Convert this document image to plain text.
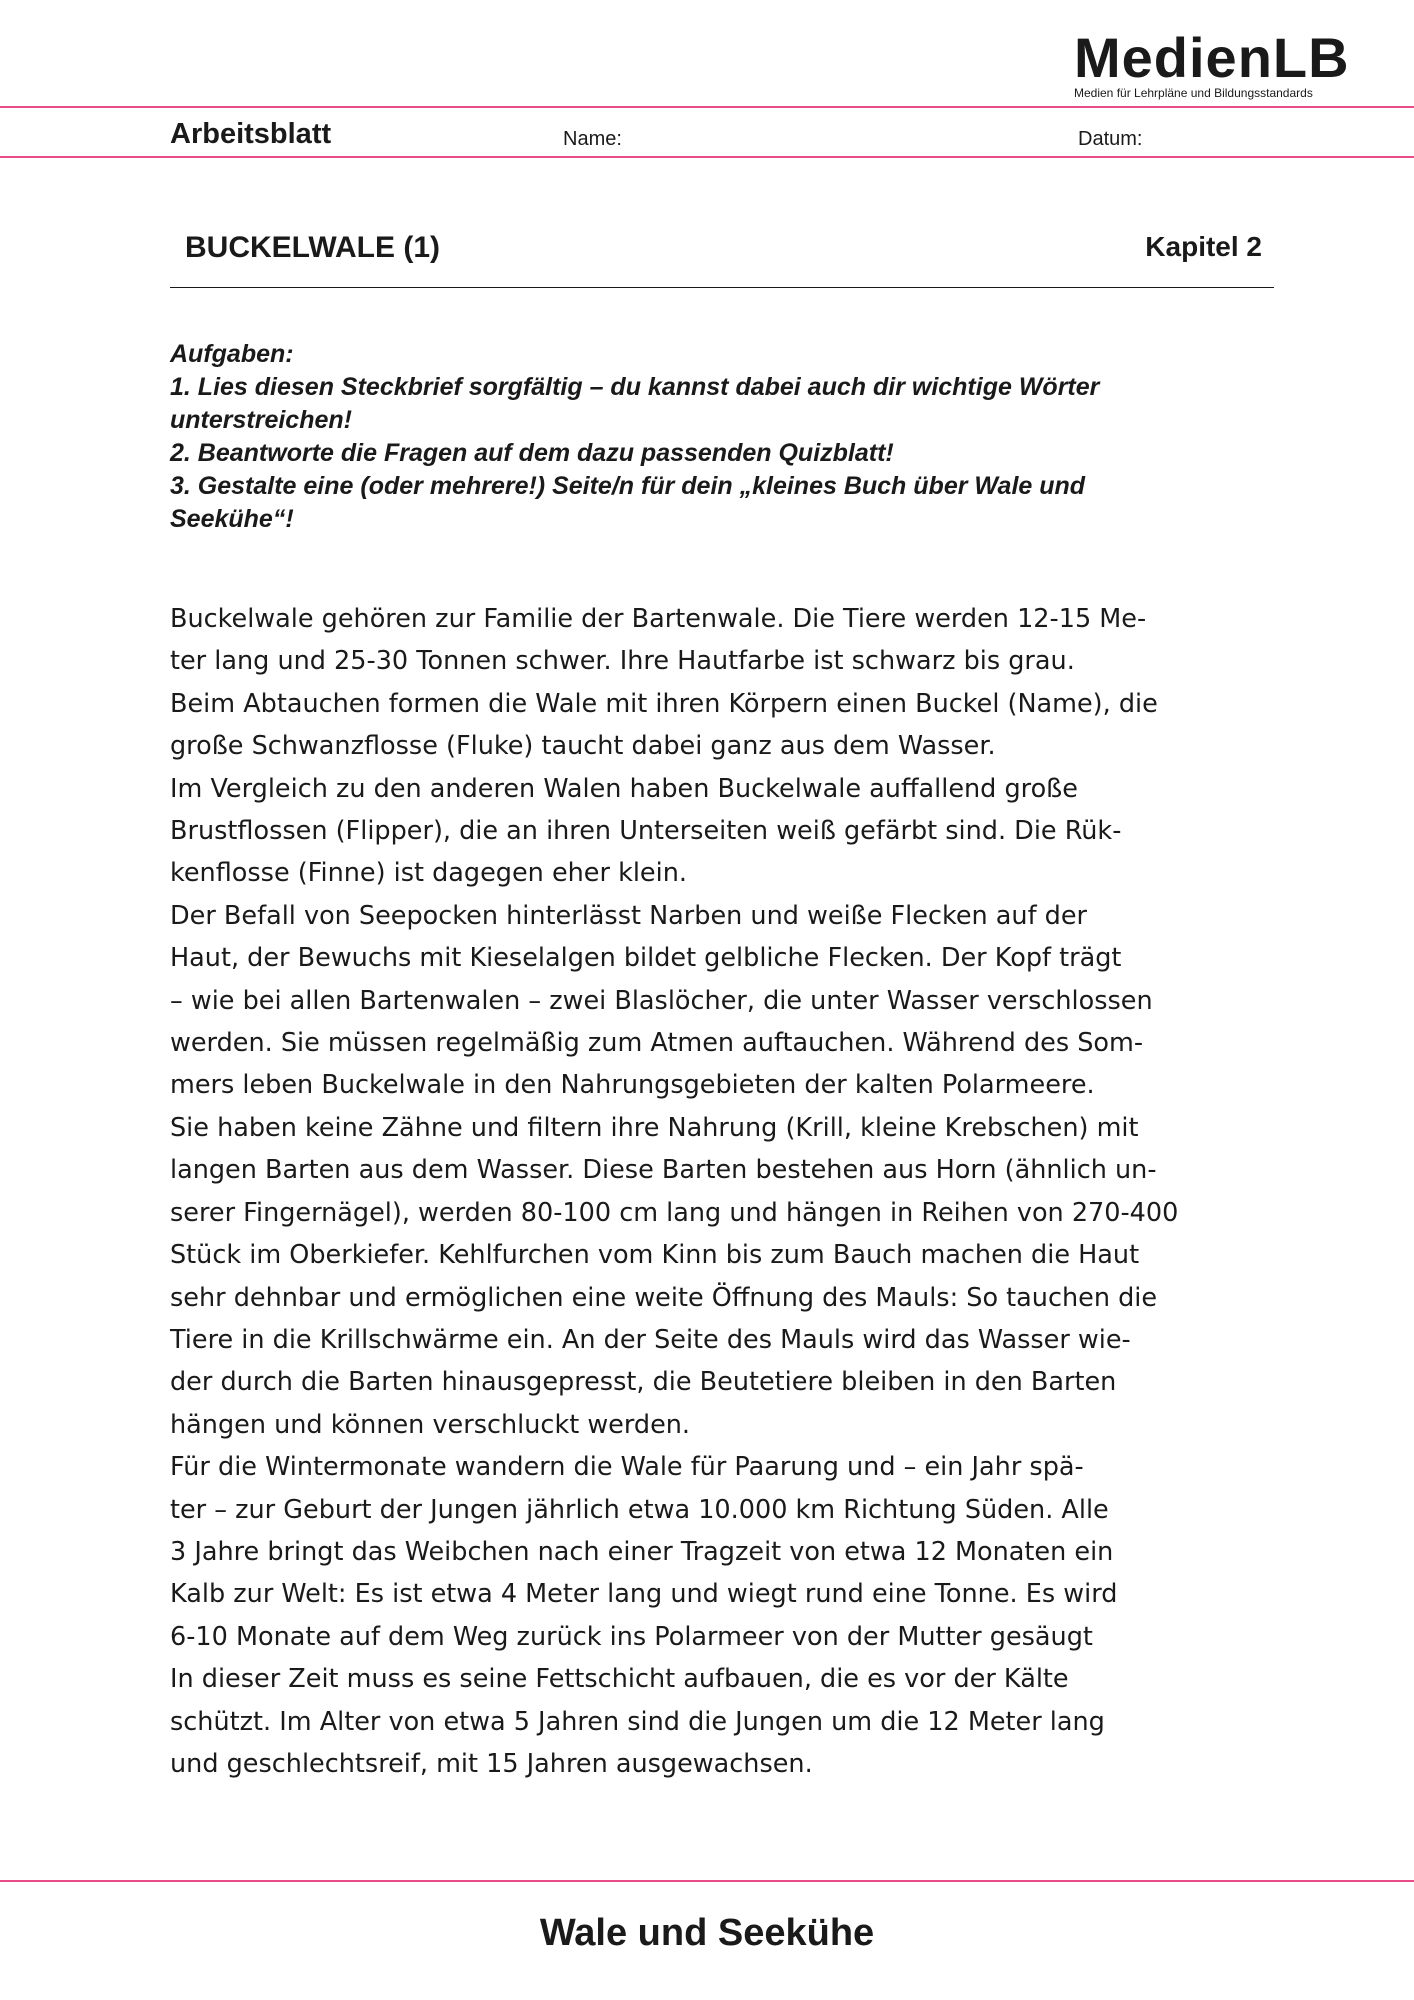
MedienLB
Medien für Lehrpläne und Bildungsstandards
Arbeitsblatt	Name:	Datum:
BUCKELWALE (1)	Kapitel 2
Aufgaben:
1. Lies diesen Steckbrief sorgfältig – du kannst dabei auch dir wichtige Wörter
unterstreichen!
2. Beantworte die Fragen auf dem dazu passenden Quizblatt!
3. Gestalte eine (oder mehrere!) Seite/n für dein „kleines Buch über Wale und
Seekühe“!
Buckelwale gehören zur Familie der Bartenwale. Die Tiere werden 12-15 Me-
ter lang und 25-30 Tonnen schwer. Ihre Hautfarbe ist schwarz bis grau.
Beim Abtauchen formen die Wale mit ihren Körpern einen Buckel (Name), die
große Schwanzflosse (Fluke) taucht dabei ganz aus dem Wasser.
Im Vergleich zu den anderen Walen haben Buckelwale auffallend große
Brustflossen (Flipper), die an ihren Unterseiten weiß gefärbt sind. Die Rük-
kenflosse (Finne) ist dagegen eher klein.
Der Befall von Seepocken hinterlässt Narben und weiße Flecken auf der
Haut, der Bewuchs mit Kieselalgen bildet gelbliche Flecken. Der Kopf trägt
– wie bei allen Bartenwalen – zwei Blaslöcher, die unter Wasser verschlossen
werden. Sie müssen regelmäßig zum Atmen auftauchen. Während des Som-
mers leben Buckelwale in den Nahrungsgebieten der kalten Polarmeere.
Sie haben keine Zähne und filtern ihre Nahrung (Krill, kleine Krebschen) mit
langen Barten aus dem Wasser. Diese Barten bestehen aus Horn (ähnlich un-
serer Fingernägel), werden 80-100 cm lang und hängen in Reihen von 270-400
Stück im Oberkiefer. Kehlfurchen vom Kinn bis zum Bauch machen die Haut
sehr dehnbar und ermöglichen eine weite Öffnung des Mauls: So tauchen die
Tiere in die Krillschwärme ein. An der Seite des Mauls wird das Wasser wie-
der durch die Barten hinausgepresst, die Beutetiere bleiben in den Barten
hängen und können verschluckt werden.
Für die Wintermonate wandern die Wale für Paarung und – ein Jahr spä-
ter – zur Geburt der Jungen jährlich etwa 10.000 km Richtung Süden. Alle
3 Jahre bringt das Weibchen nach einer Tragzeit von etwa 12 Monaten ein
Kalb zur Welt: Es ist etwa 4 Meter lang und wiegt rund eine Tonne. Es wird
6-10 Monate auf dem Weg zurück ins Polarmeer von der Mutter gesäugt
In dieser Zeit muss es seine Fettschicht aufbauen, die es vor der Kälte
schützt. Im Alter von etwa 5 Jahren sind die Jungen um die 12 Meter lang
und geschlechtsreif, mit 15 Jahren ausgewachsen.
Wale und Seekühe
